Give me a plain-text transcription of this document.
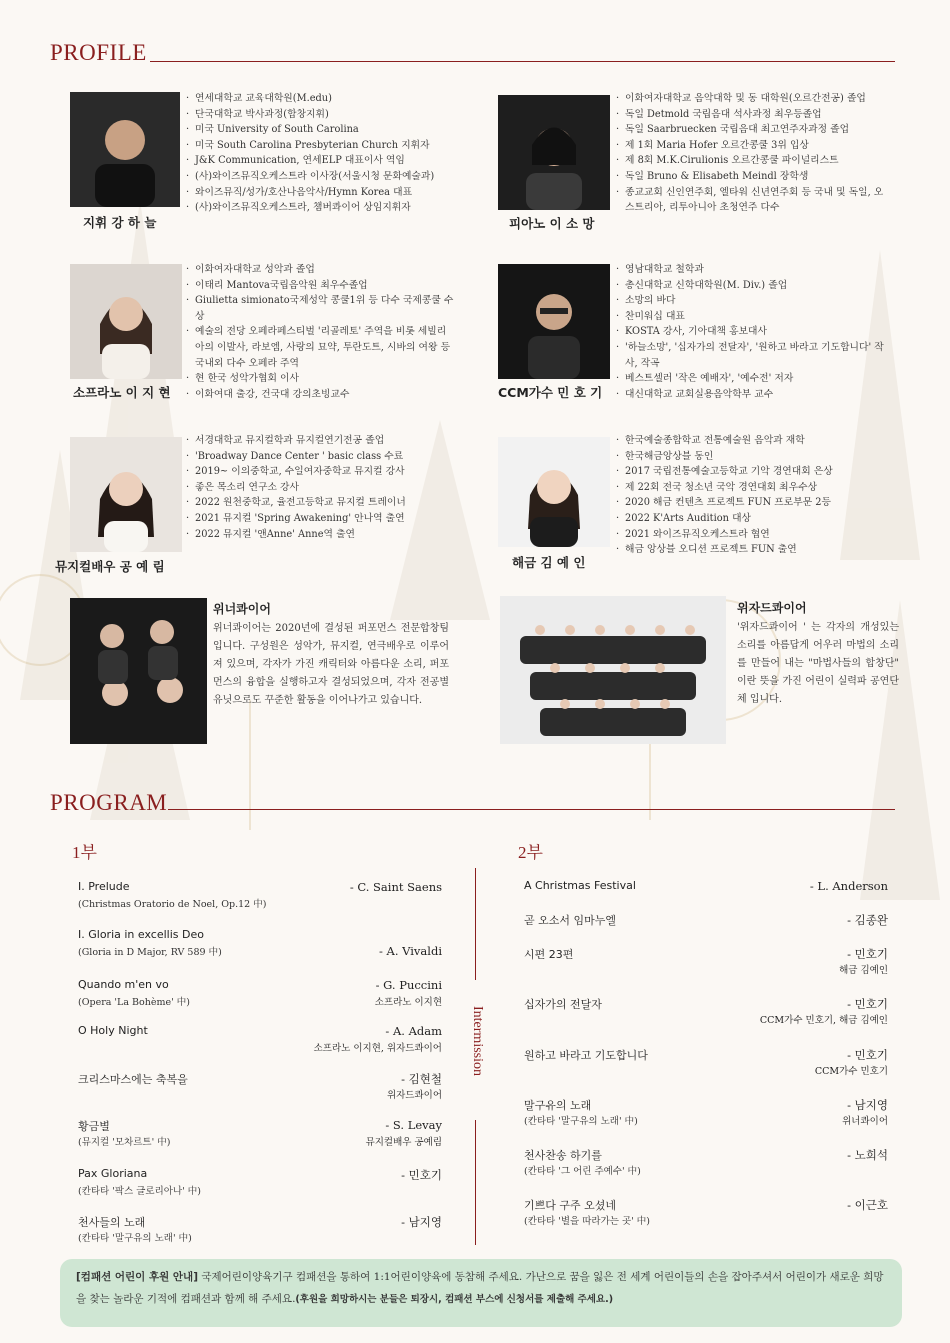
PROFILE
지휘 강 하 늘
· 연세대학교 교육대학원(M.edu)
· 단국대학교 박사과정(합창지휘)
· 미국 University of South Carolina
· 미국 South Carolina Presbyterian Church 지휘자
· J&K Communication, 연세ELP 대표이사 역임
· (사)와이즈뮤직오케스트라 이사장(서울시청 문화예술과)
· 와이즈뮤직/성가/호산나음악사/Hymn Korea 대표
· (사)와이즈뮤직오케스트라, 챔버콰이어 상임지휘자
피아노 이 소 망
· 이화여자대학교 음악대학 및 동 대학원(오르간전공) 졸업
· 독일 Detmold 국립음대 석사과정 최우등졸업
· 독일 Saarbruecken 국립음대 최고연주자과정 졸업
· 제 1회 Maria Hofer 오르간콩쿨 3위 입상
· 제 8회 M.K.Cirulionis 오르간콩쿨 파이널리스트
· 독일 Bruno & Elisabeth Meindl 장학생
· 종교교회 신인연주회, 엘타워 신년연주회 등 국내 및 독일, 오스트리아, 리투아니아 초청연주 다수
소프라노 이 지 현
· 이화여자대학교 성악과 졸업
· 이태리 Mantova국립음악원 최우수졸업
· Giulietta simionato국제성악 콩쿨1위 등 다수 국제콩쿨 수상
· 예술의 전당 오페라페스티벌 '리골레토' 주역을 비롯 세빌리아의 이발사, 라보엠, 사랑의 묘약, 투란도트, 시바의 여왕 등 국내외 다수 오페라 주역
· 현 한국 성악가협회 이사
· 이화여대 출강, 건국대 강의초빙교수	CCM가수 민 호 기
· 영남대학교 철학과
· 총신대학교 신학대학원(M. Div.) 졸업
· 소망의 바다
· 찬미워십 대표
· KOSTA 강사, 기아대책 홍보대사
· '하늘소망', '십자가의 전달자', '원하고 바라고 기도합니다' 작사, 작곡
· 베스트셀러 '작은 예배자', '예수전' 저자
· 대신대학교 교회실용음악학부 교수
뮤지컬배우 공 예 림
· 서경대학교 뮤지컬학과 뮤지컬연기전공 졸업
· 'Broadway Dance Center ' basic class 수료
· 2019~ 이의중학교, 수일여자중학교 뮤지컬 강사
· 좋은 목소리 연구소 강사
· 2022 원천중학교, 율전고등학교 뮤지컬 트레이너
· 2021 뮤지컬 'Spring Awakening' 안나역 출연
· 2022 뮤지컬 '앤Anne' Anne역 출연
해금 김 예 인
· 한국예술종합학교 전통예술원 음악과 재학
· 한국해금앙상블 동인
· 2017 국립전통예술고등학교 기악 경연대회 은상
· 제 22회 전국 청소년 국악 경연대회 최우수상
· 2020 해금 컨텐츠 프로젝트 FUN 프로부문 2등
· 2022 K'Arts Audition 대상
· 2021 와이즈뮤직오케스트라 협연
· 해금 앙상블 오디션 프로젝트 FUN 출연
위너콰이어
위너콰이어는 2020년에 결성된 퍼포먼스 전문합창팀입니다. 구성원은 성악가, 뮤지컬, 연극배우로 이루어져 있으며, 각자가 가진 캐릭터와 아름다운 소리, 퍼포먼스의 융합을 실행하고자 결성되었으며, 각자 전공별 유닛으로도 꾸준한 활동을 이어나가고 있습니다.
위자드콰이어
'위자드콰이어 ' 는 각자의 개성있는 소리를 아름답게 어우러 마법의 소리를 만들어 내는 "마법사들의 합창단" 이란 뜻을 가진 어린이 실력파 공연단체 입니다.
PROGRAM
1부	2부
Intermission
I. Prelude
(Christmas Oratorio de Noel, Op.12 中)
- C. Saint Saens
I. Gloria in excellis Deo
(Gloria in D Major, RV 589 中)	- A. Vivaldi
Quando m'en vo
(Opera 'La Bohème' 中)
- G. Puccini
소프라노 이지현
O Holy Night	- A. Adam
소프라노 이지현, 위자드콰이어
크리스마스에는 축복을	- 김현철
위자드콰이어
황금별
(뮤지컬 '모차르트' 中)
- S. Levay
뮤지컬배우 공예림
Pax Gloriana
(칸타타 '팍스 글로리아나' 中)
- 민호기
천사들의 노래
(칸타타 '말구유의 노래' 中)
- 남지영
A Christmas Festival	- L. Anderson
곧 오소서 임마누엘	- 김종완
시편 23편	- 민호기
해금 김예인
십자가의 전달자	- 민호기
CCM가수 민호기, 해금 김예인
원하고 바라고 기도합니다	- 민호기
CCM가수 민호기
말구유의 노래
(칸타타 '말구유의 노래' 中)
- 남지영
위너콰이어
천사찬송 하기를
(칸타타 '그 어린 주예수' 中)
- 노희석
기쁘다 구주 오셨네
(칸타타 '별을 따라가는 곳' 中)
- 이근호
[컴패션 어린이 후원 안내] 국제어린이양육기구 컴패션을 통하여 1:1어린이양육에 동참해 주세요. 가난으로 꿈을 잃은 전 세계 어린이들의 손을 잡아주셔서 어린이가 새로운 희망을 찾는 놀라운 기적에 컴패션과 함께 해 주세요.(후원을 희망하시는 분들은 퇴장시, 컴패션 부스에 신청서를 제출해 주세요.)
